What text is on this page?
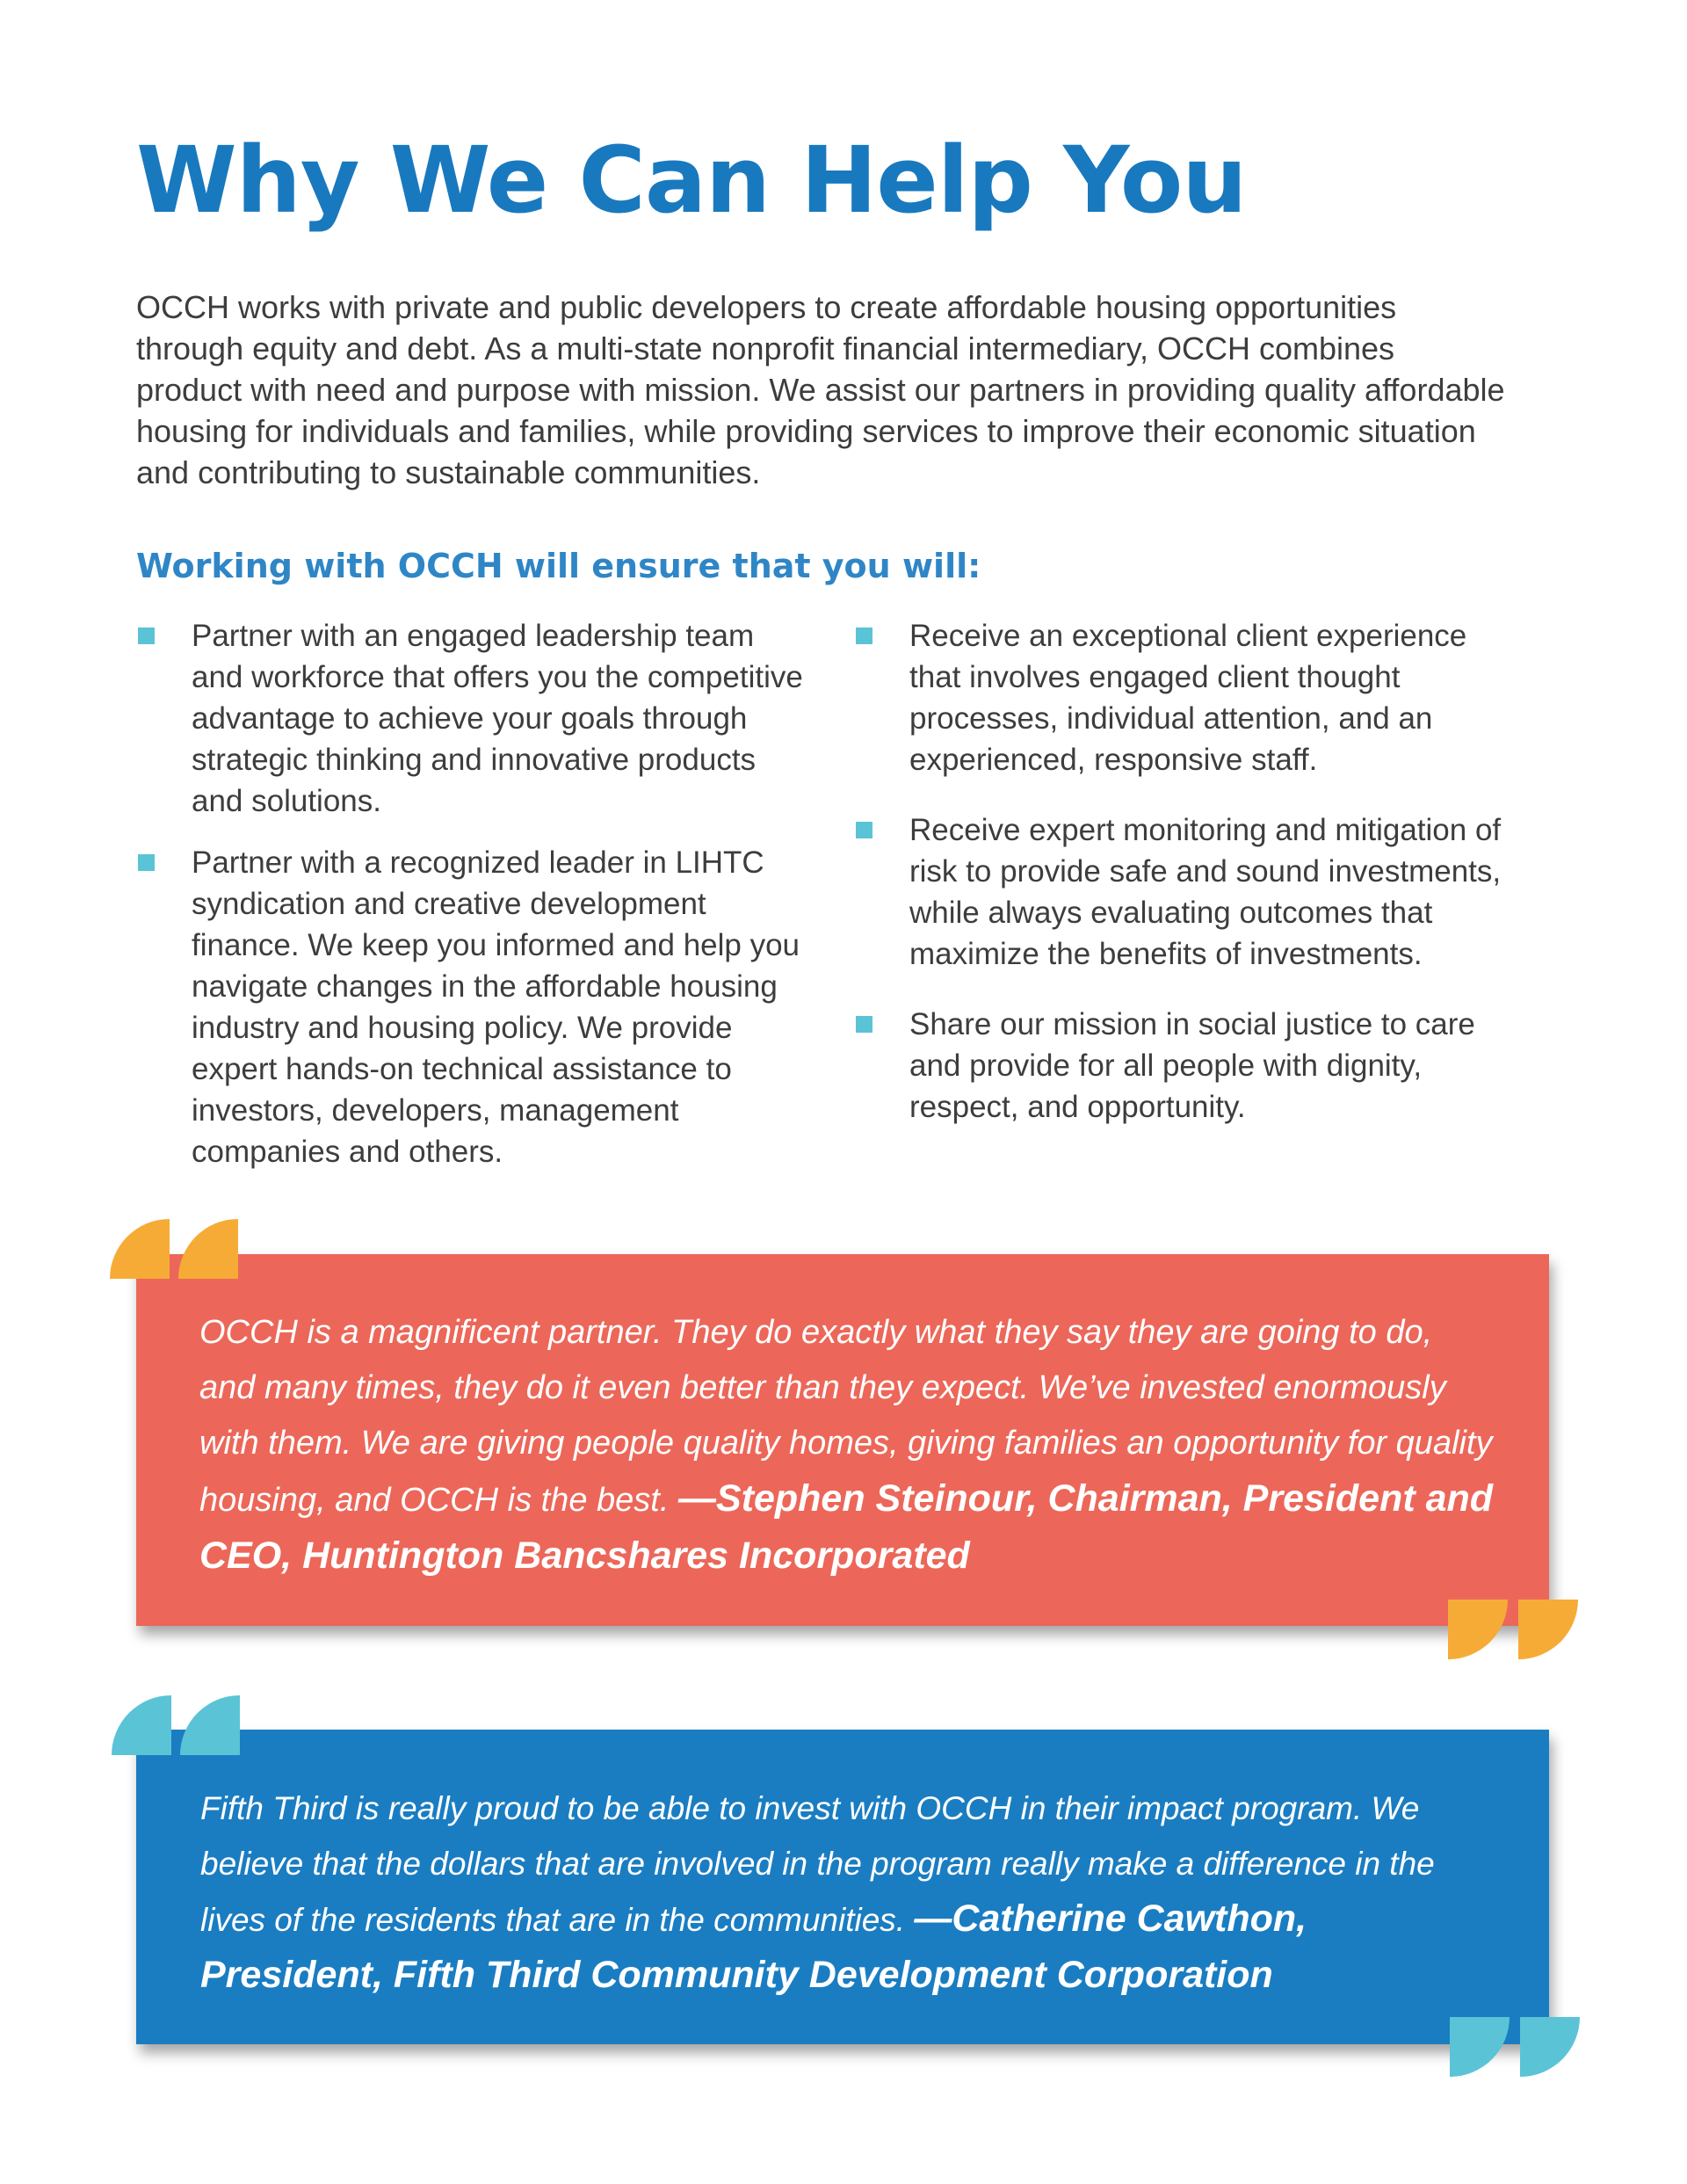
Why We Can Help You

OCCH works with private and public developers to create affordable housing opportunities through equity and debt. As a multi-state nonprofit financial intermediary, OCCH combines product with need and purpose with mission. We assist our partners in providing quality affordable housing for individuals and families, while providing services to improve their economic situation and contributing to sustainable communities.

Working with OCCH will ensure that you will:
Partner with an engaged leadership team and workforce that offers you the competitive advantage to achieve your goals through strategic thinking and innovative products and solutions.
Partner with a recognized leader in LIHTC syndication and creative development finance. We keep you informed and help you navigate changes in the affordable housing industry and housing policy. We provide expert hands-on technical assistance to investors, developers, management companies and others.
Receive an exceptional client experience that involves engaged client thought processes, individual attention, and an experienced, responsive staff.
Receive expert monitoring and mitigation of risk to provide safe and sound investments, while always evaluating outcomes that maximize the benefits of investments.
Share our mission in social justice to care and provide for all people with dignity, respect, and opportunity.

OCCH is a magnificent partner. They do exactly what they say they are going to do, and many times, they do it even better than they expect. We’ve invested enormously with them. We are giving people quality homes, giving families an opportunity for quality housing, and OCCH is the best. —Stephen Steinour, Chairman, President and CEO, Huntington Bancshares Incorporated

Fifth Third is really proud to be able to invest with OCCH in their impact program. We believe that the dollars that are involved in the program really make a difference in the lives of the residents that are in the communities. —Catherine Cawthon, President, Fifth Third Community Development Corporation
